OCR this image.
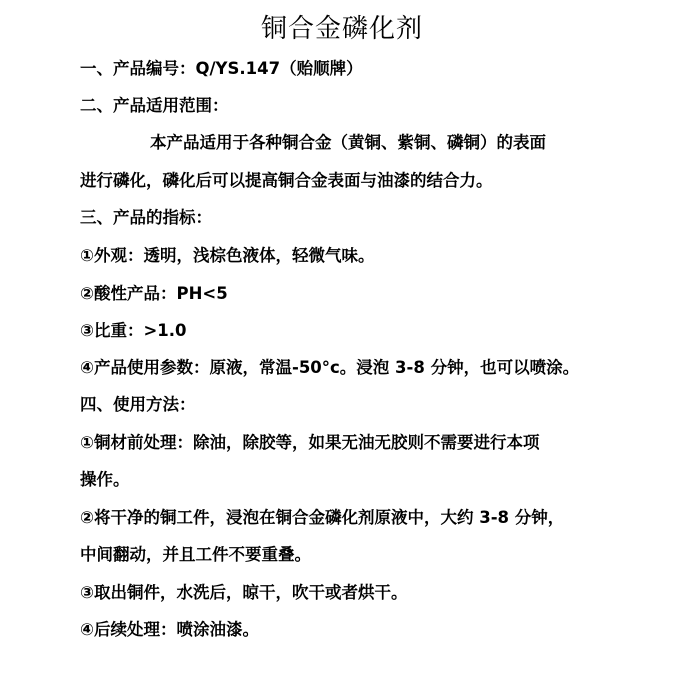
铜合金磷化剂
一、产品编号：Q/YS.147（贻顺牌）
二、产品适用范围：
本产品适用于各种铜合金（黄铜、紫铜、磷铜）的表面
进行磷化，磷化后可以提高铜合金表面与油漆的结合力。
三、产品的指标：
①外观：透明，浅棕色液体，轻微气味。
②酸性产品：PH<5
③比重：>1.0
④产品使用参数：原液，常温-50°c。浸泡 3-8 分钟，也可以喷涂。
四、使用方法：
①铜材前处理：除油，除胶等，如果无油无胶则不需要进行本项
操作。
②将干净的铜工件，浸泡在铜合金磷化剂原液中，大约 3-8 分钟，
中间翻动，并且工件不要重叠。
③取出铜件，水洗后，晾干，吹干或者烘干。
④后续处理：喷涂油漆。
